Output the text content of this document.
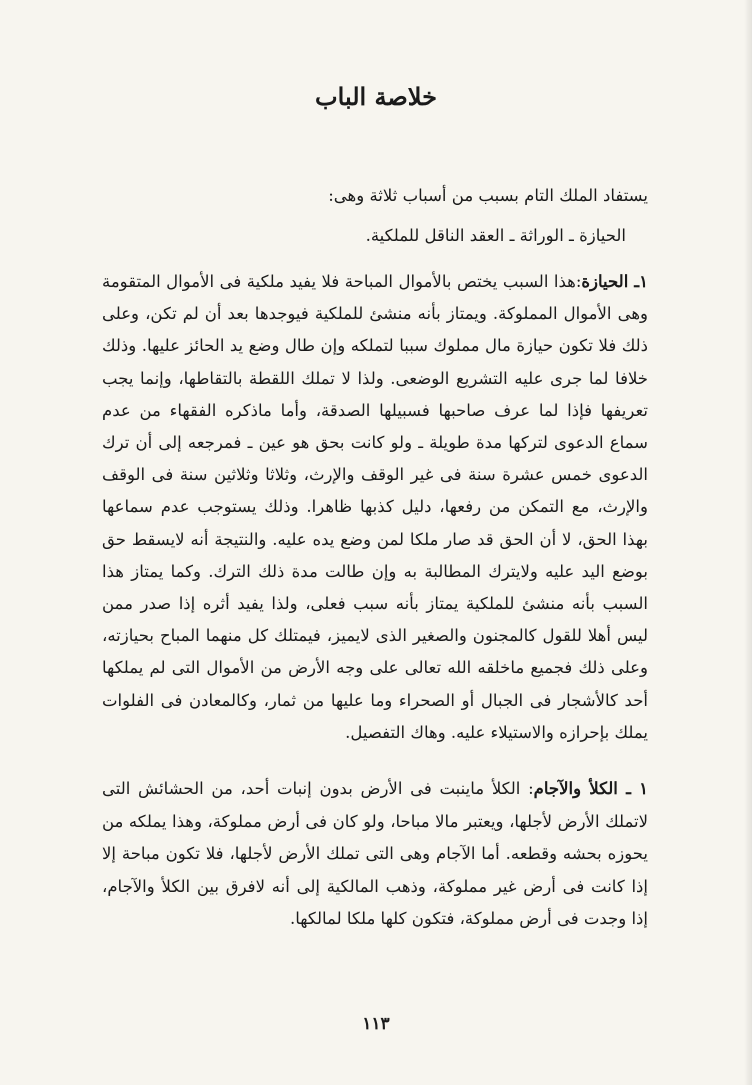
خلاصة الباب
يستفاد الملك التام بسبب من أسباب ثلاثة وهى:
الحيازة ـ الوراثة ـ العقد الناقل للملكية.
١ـ الحيازة:هذا السبب يختص بالأموال المباحة فلا يفيد ملكية فى الأموال المتقومة وهى الأموال المملوكة. ويمتاز بأنه منشئ للملكية فيوجدها بعد أن لم تكن، وعلى ذلك فلا تكون حيازة مال مملوك سببا لتملكه وإن طال وضع يد الحائز عليها. وذلك خلافا لما جرى عليه التشريع الوضعى. ولذا لا تملك اللقطة بالتقاطها، وإنما يجب تعريفها فإذا لما عرف صاحبها فسبيلها الصدقة، وأما ماذكره الفقهاء من عدم سماع الدعوى لتركها مدة طويلة ـ ولو كانت بحق هو عين ـ فمرجعه إلى أن ترك الدعوى خمس عشرة سنة فى غير الوقف والإرث، وثلاثا وثلاثين سنة فى الوقف والإرث، مع التمكن من رفعها، دليل كذبها ظاهرا. وذلك يستوجب عدم سماعها بهذا الحق، لا أن الحق قد صار ملكا لمن وضع يده عليه. والنتيجة أنه لايسقط حق بوضع اليد عليه ولايترك المطالبة به وإن طالت مدة ذلك الترك. وكما يمتاز هذا السبب بأنه منشئ للملكية يمتاز بأنه سبب فعلى، ولذا يفيد أثره إذا صدر ممن ليس أهلا للقول كالمجنون والصغير الذى لايميز، فيمتلك كل منهما المباح بحيازته، وعلى ذلك فجميع ماخلقه الله تعالى على وجه الأرض من الأموال التى لم يملكها أحد كالأشجار فى الجبال أو الصحراء وما عليها من ثمار، وكالمعادن فى الفلوات يملك بإحرازه والاستيلاء عليه. وهاك التفصيل.
١ ـ الكلأ والآجام: الكلأ ماينبت فى الأرض بدون إنبات أحد، من الحشائش التى لاتملك الأرض لأجلها، ويعتبر مالا مباحا، ولو كان فى أرض مملوكة، وهذا يملكه من يحوزه بحشه وقطعه. أما الآجام وهى التى تملك الأرض لأجلها، فلا تكون مباحة إلا إذا كانت فى أرض غير مملوكة، وذهب المالكية إلى أنه لافرق بين الكلأ والآجام، إذا وجدت فى أرض مملوكة، فتكون كلها ملكا لمالكها.
١١٣
